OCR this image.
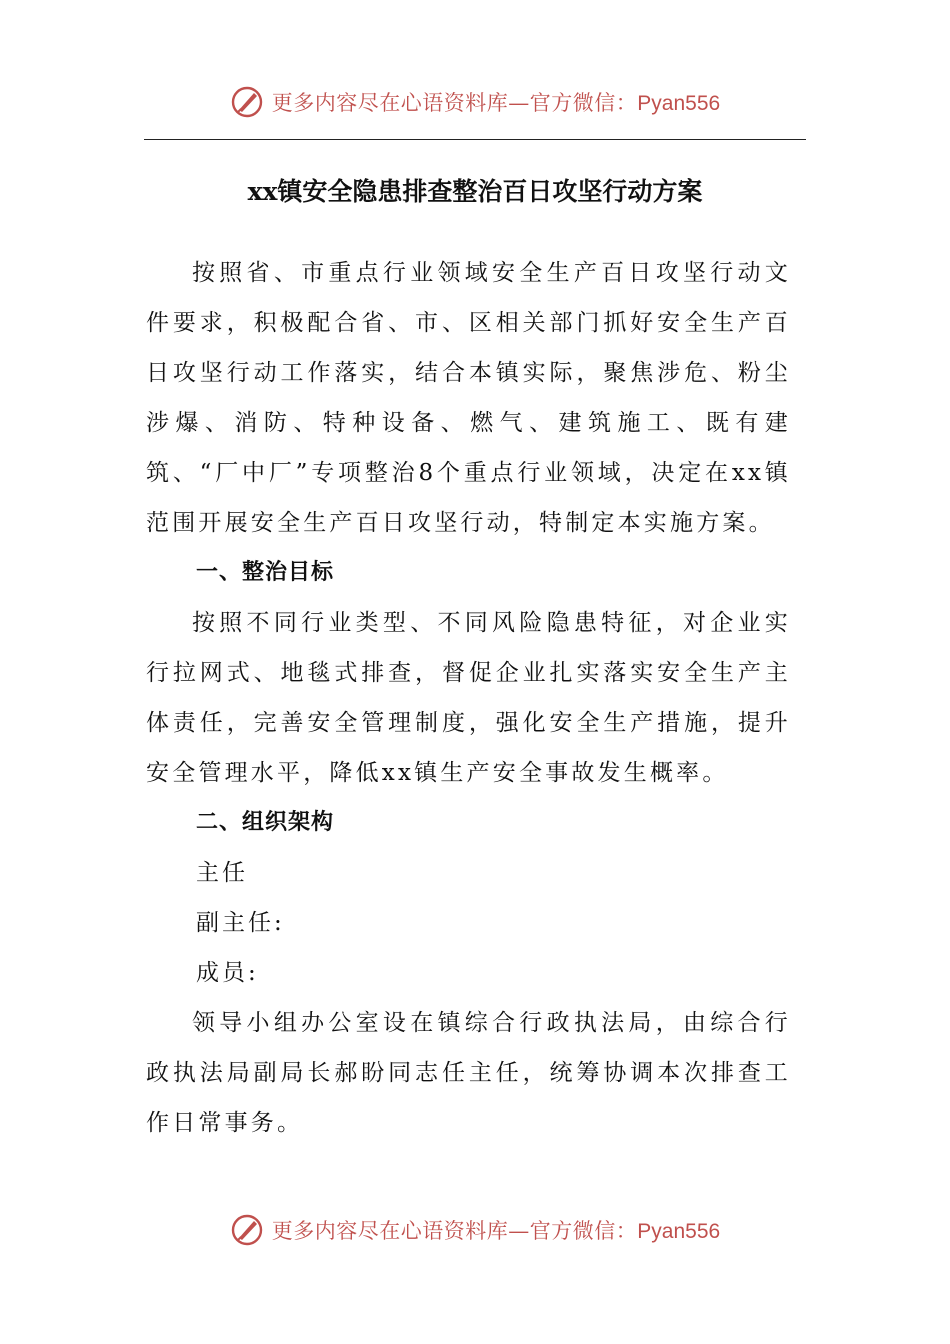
更多内容尽在心语资料库—官方微信：Pyan556
xx镇安全隐患排查整治百日攻坚行动方案

按照省、市重点行业领域安全生产百日攻坚行动文件要求，积极配合省、市、区相关部门抓好安全生产百日攻坚行动工作落实，结合本镇实际，聚焦涉危、粉尘涉爆、消防、特种设备、燃气、建筑施工、既有建筑、“厂中厂”专项整治8个重点行业领域，决定在xx镇范围开展安全生产百日攻坚行动，特制定本实施方案。

一、整治目标

按照不同行业类型、不同风险隐患特征，对企业实行拉网式、地毯式排查，督促企业扎实落实安全生产主体责任，完善安全管理制度，强化安全生产措施，提升安全管理水平，降低xx镇生产安全事故发生概率。

二、组织架构

主任

副主任:

成员:

领导小组办公室设在镇综合行政执法局，由综合行政执法局副局长郝盼同志任主任，统筹协调本次排查工作日常事务。

更多内容尽在心语资料库—官方微信：Pyan556
